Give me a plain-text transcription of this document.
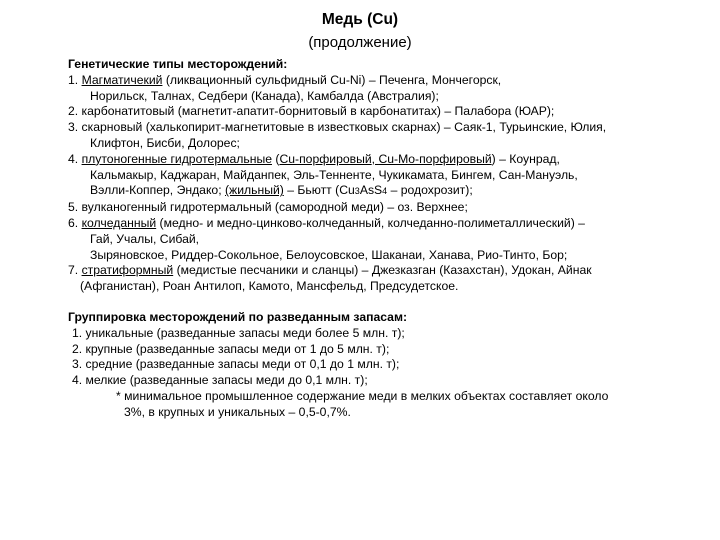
Медь (Cu)
(продолжение)
Генетические типы месторождений:
1. Магматичекий (ликвационный сульфидный Cu-Ni) – Печенга, Мончегорск,
Норильск, Талнах, Седбери (Канада), Камбалда (Австралия);
2. карбонатитовый (магнетит-апатит-борнитовый в карбонатитах) – Палабора (ЮАР);
3. скарновый (халькопирит-магнетитовые в известковых скарнах) – Саяк-1, Турьинские, Юлия,
Клифтон, Бисби, Долорес;
4. плутоногенные гидротермальные (Cu-порфировый, Cu-Mo-порфировый) – Коунрад,
Кальмакыр, Каджаран, Майданпек, Эль-Тенненте, Чукикамата, Бингем, Сан-Мануэль,
Вэлли-Коппер, Эндако; (жильный) – Бьютт (Cu3AsS4 – родохрозит);
5. вулканогенный гидротермальный (самородной меди) – оз. Верхнее;
6. колчеданный (медно- и медно-цинково-колчеданный, колчеданно-полиметаллический) –
Гай, Учалы, Сибай,
Зыряновское, Риддер-Сокольное, Белоусовское, Шаканаи, Ханава, Рио-Тинто, Бор;
7. стратиформный (медистые песчаники и сланцы) – Джезказган (Казахстан), Удокан, Айнак
(Афганистан), Роан Антилоп, Камото, Мансфельд, Предсудетское.
Группировка месторождений по разведанным запасам:
1. уникальные (разведанные запасы меди более 5 млн. т);
2. крупные (разведанные запасы меди от 1 до 5 млн. т);
3. средние (разведанные запасы меди от 0,1 до 1 млн. т);
4. мелкие (разведанные запасы меди до 0,1 млн. т);
* минимальное промышленное содержание меди в мелких объектах составляет около
3%, в крупных и уникальных – 0,5-0,7%.
